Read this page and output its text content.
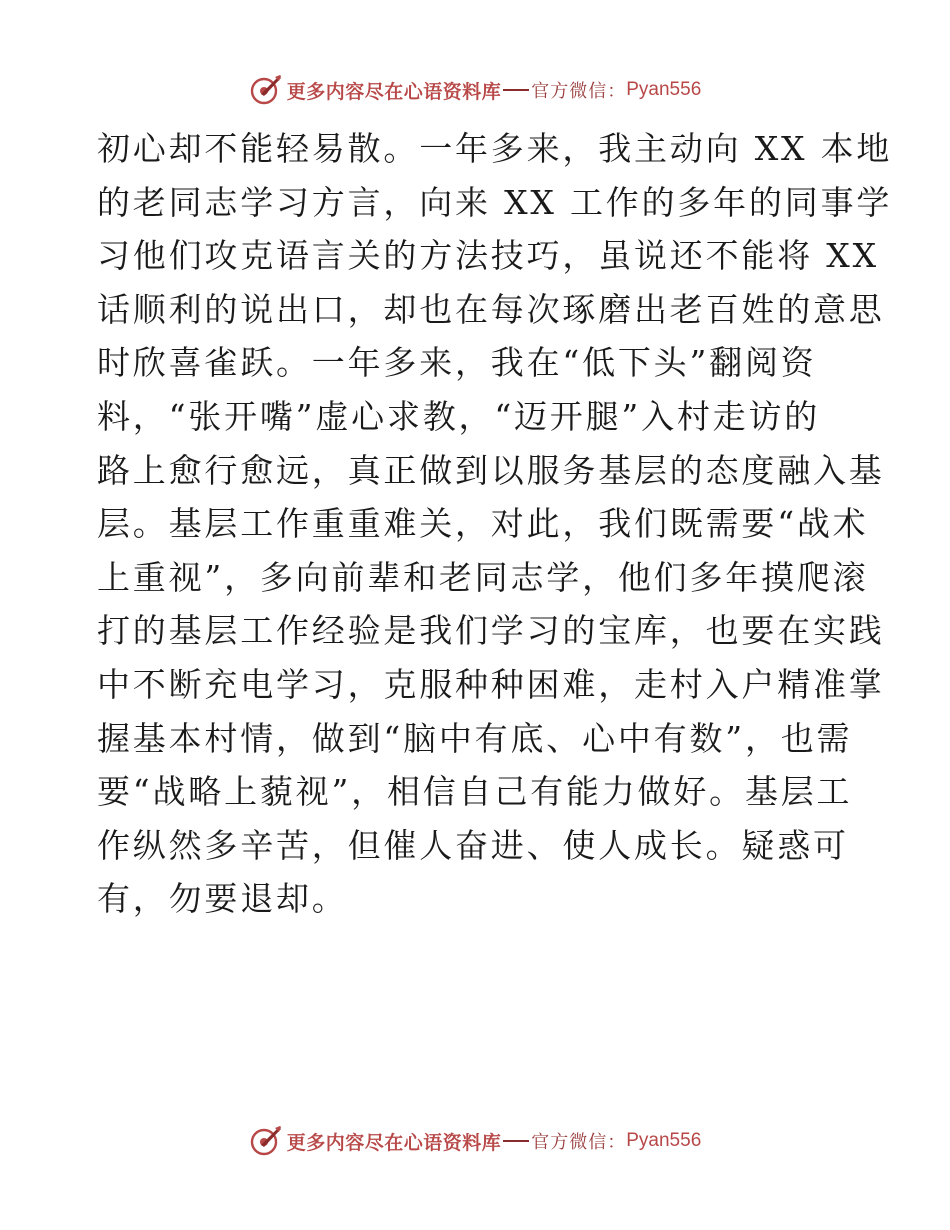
更多内容尽在心语资料库 官方微信： Pyan556
初心却不能轻易散。一年多来，我主动向 XX 本地
的老同志学习方言，向来 XX 工作的多年的同事学
习他们攻克语言关的方法技巧，虽说还不能将 XX
话顺利的说出口，却也在每次琢磨出老百姓的意思
时欣喜雀跃。一年多来，我在“低下头”翻阅资
料，“张开嘴”虚心求教，“迈开腿”入村走访的
路上愈行愈远，真正做到以服务基层的态度融入基
层。基层工作重重难关，对此，我们既需要“战术
上重视”，多向前辈和老同志学，他们多年摸爬滚
打的基层工作经验是我们学习的宝库，也要在实践
中不断充电学习，克服种种困难，走村入户精准掌
握基本村情，做到“脑中有底、心中有数”，也需
要“战略上藐视”，相信自己有能力做好。基层工
作纵然多辛苦，但催人奋进、使人成长。疑惑可
有，勿要退却。
更多内容尽在心语资料库 官方微信： Pyan556
